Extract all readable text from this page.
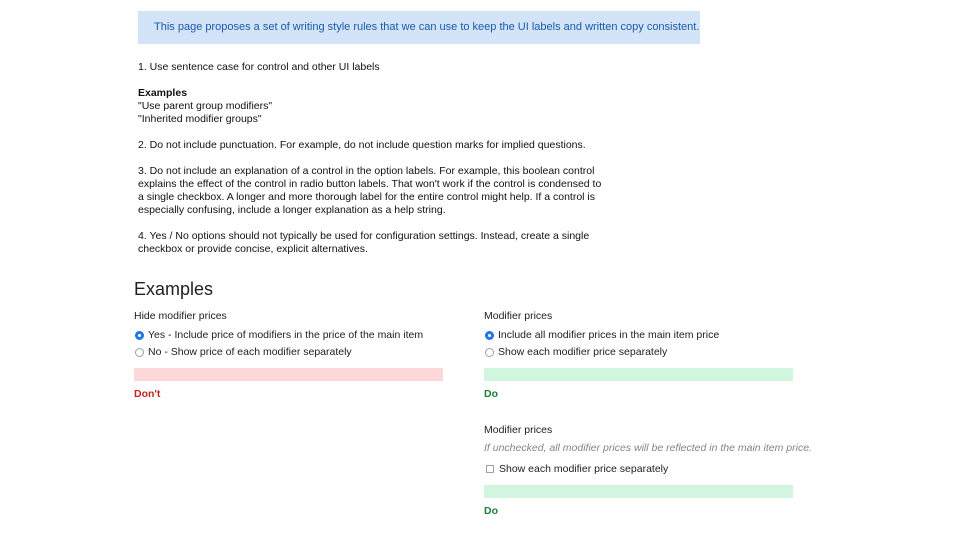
This page proposes a set of writing style rules that we can use to keep the UI labels and written copy consistent.

1. Use sentence case for control and other UI labels

Examples
"Use parent group modifiers"
"Inherited modifier groups"

2. Do not include punctuation. For example, do not include question marks for implied questions.

3. Do not include an explanation of a control in the option labels. For example, this boolean control
explains the effect of the control in radio button labels. That won't work if the control is condensed to
a single checkbox. A longer and more thorough label for the entire control might help. If a control is
especially confusing, include a longer explanation as a help string.

4. Yes / No options should not typically be used for configuration settings. Instead, create a single
checkbox or provide concise, explicit alternatives.

Examples
Hide modifier prices
Yes - Include price of modifiers in the price of the main item
No - Show price of each modifier separately
Don't
Modifier prices
Include all modifier prices in the main item price
Show each modifier price separately
Do
Modifier prices
If unchecked, all modifier prices will be reflected in the main item price.
Show each modifier price separately
Do
